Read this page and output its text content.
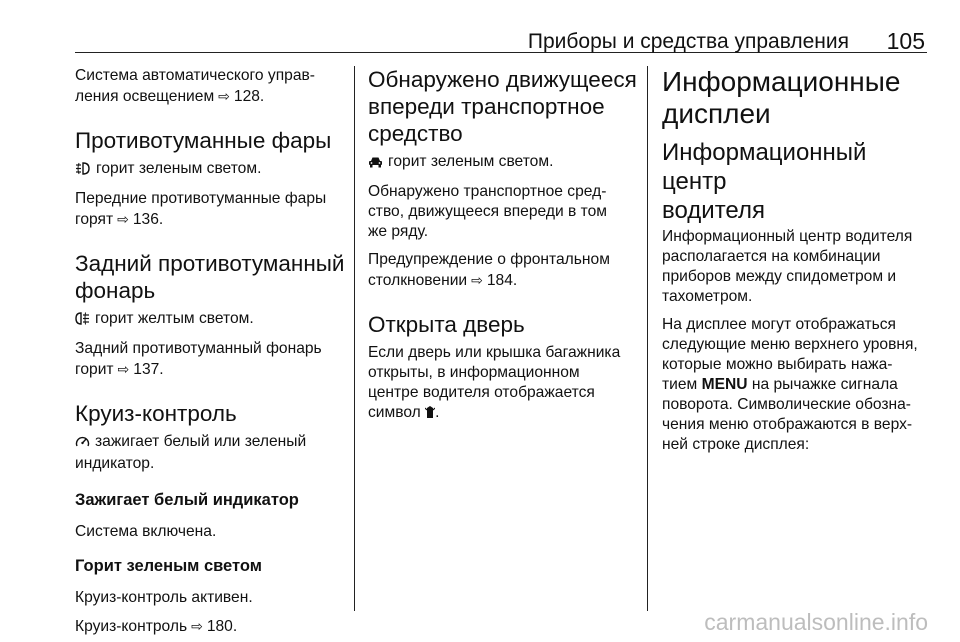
Приборы и средства управления 105

Система автоматического управ-

ления освещением ⇨ 128.

Противотуманные фары

горит зеленым светом.

Передние противотуманные фары

горят ⇨ 136.

Задний противотуманный
фонарь

горит желтым светом.

Задний противотуманный фонарь

горит ⇨ 137.

Круиз-контроль

зажигает белый или зеленый

индикатор.

Зажигает белый индикатор

Система включена.

Горит зеленым светом

Круиз-контроль активен.

Круиз-контроль ⇨ 180.

Обнаружено движущееся
впереди транспортное
средство

горит зеленым светом.

Обнаружено транспортное сред-

ство, движущееся впереди в том

же ряду.

Предупреждение о фронтальном

столкновении ⇨ 184.

Открыта дверь

Если дверь или крышка багажника

открыты, в информационном

центре водителя отображается

символ .

Информационные
дисплеи
Информационный центр
водителя

Информационный центр водителя

располагается на комбинации

приборов между спидометром и

тахометром.

На дисплее могут отображаться

следующие меню верхнего уровня,

которые можно выбирать нажа-

тием MENU на рычажке сигнала

поворота. Символические обозна-

чения меню отображаются в верх-

ней строке дисплея:

carmanualsonline.info
